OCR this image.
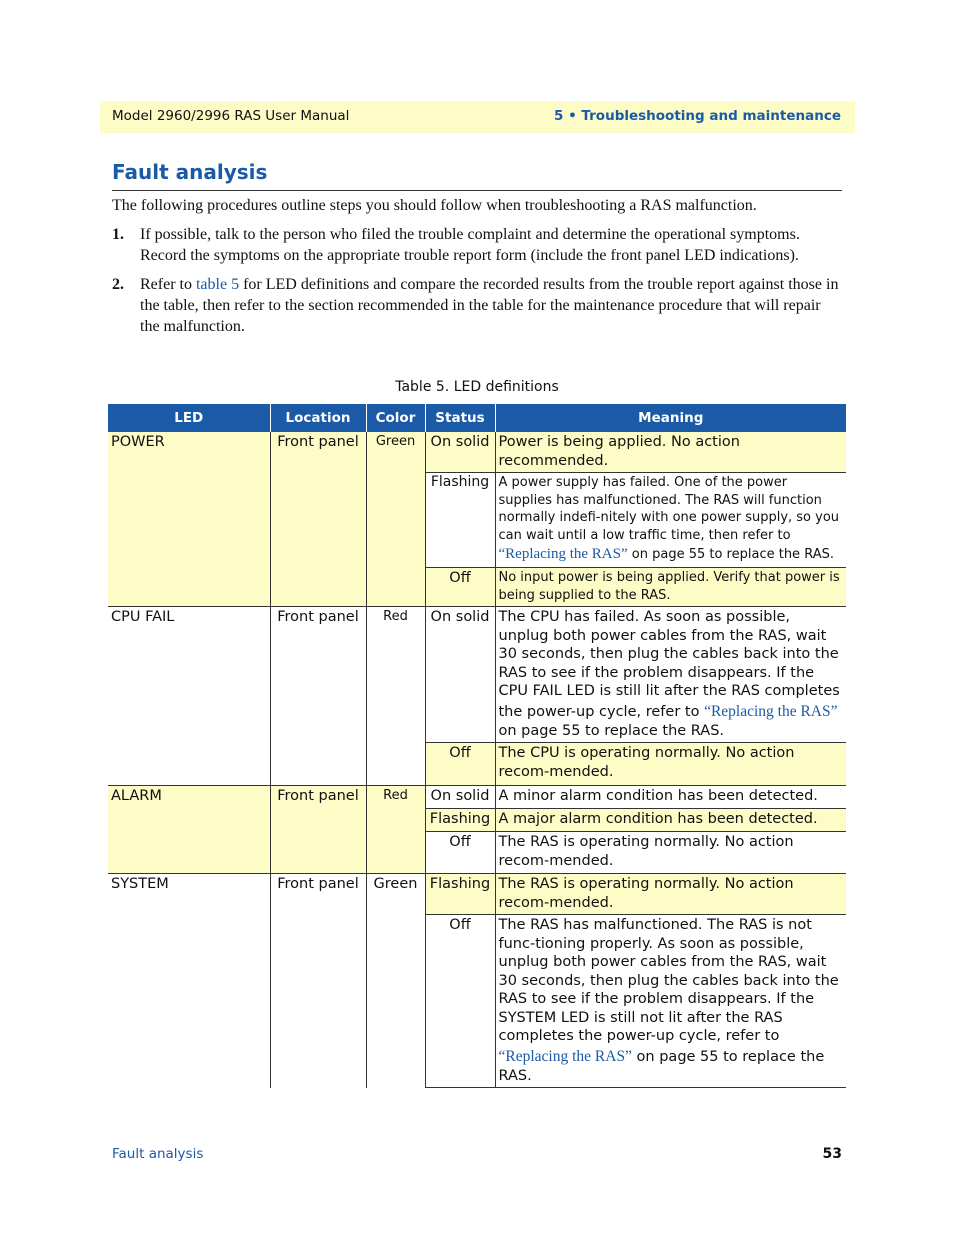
Model 2960/2996 RAS User Manual	5 • Troubleshooting and maintenance
Fault analysis
The following procedures outline steps you should follow when troubleshooting a RAS malfunction.
1. If possible, talk to the person who filed the trouble complaint and determine the operational symptoms. Record the symptoms on the appropriate trouble report form (include the front panel LED indications).
2. Refer to table 5 for LED definitions and compare the recorded results from the trouble report against those in the table, then refer to the section recommended in the table for the maintenance procedure that will repair the malfunction.
Table 5. LED definitions
LED	Location	Color	Status	Meaning
POWER	Front panel	Green	On solid	Power is being applied. No action recommended.
			Flashing	A power supply has failed. One of the power supplies has malfunctioned. The RAS will function normally indefi-nitely with one power supply, so you can wait until a low traffic time, then refer to “Replacing the RAS” on page 55 to replace the RAS.
			Off	No input power is being applied. Verify that power is being supplied to the RAS.
CPU FAIL	Front panel	Red	On solid	The CPU has failed. As soon as possible, unplug both power cables from the RAS, wait 30 seconds, then plug the cables back into the RAS to see if the problem disappears. If the CPU FAIL LED is still lit after the RAS completes the power-up cycle, refer to “Replacing the RAS” on page 55 to replace the RAS.
			Off	The CPU is operating normally. No action recom-mended.
ALARM	Front panel	Red	On solid	A minor alarm condition has been detected.
			Flashing	A major alarm condition has been detected.
			Off	The RAS is operating normally. No action recom-mended.
SYSTEM	Front panel	Green	Flashing	The RAS is operating normally. No action recom-mended.
			Off	The RAS has malfunctioned. The RAS is not func-tioning properly. As soon as possible, unplug both power cables from the RAS, wait 30 seconds, then plug the cables back into the RAS to see if the problem disappears. If the SYSTEM LED is still not lit after the RAS completes the power-up cycle, refer to “Replacing the RAS” on page 55 to replace the RAS.
Fault analysis	53
